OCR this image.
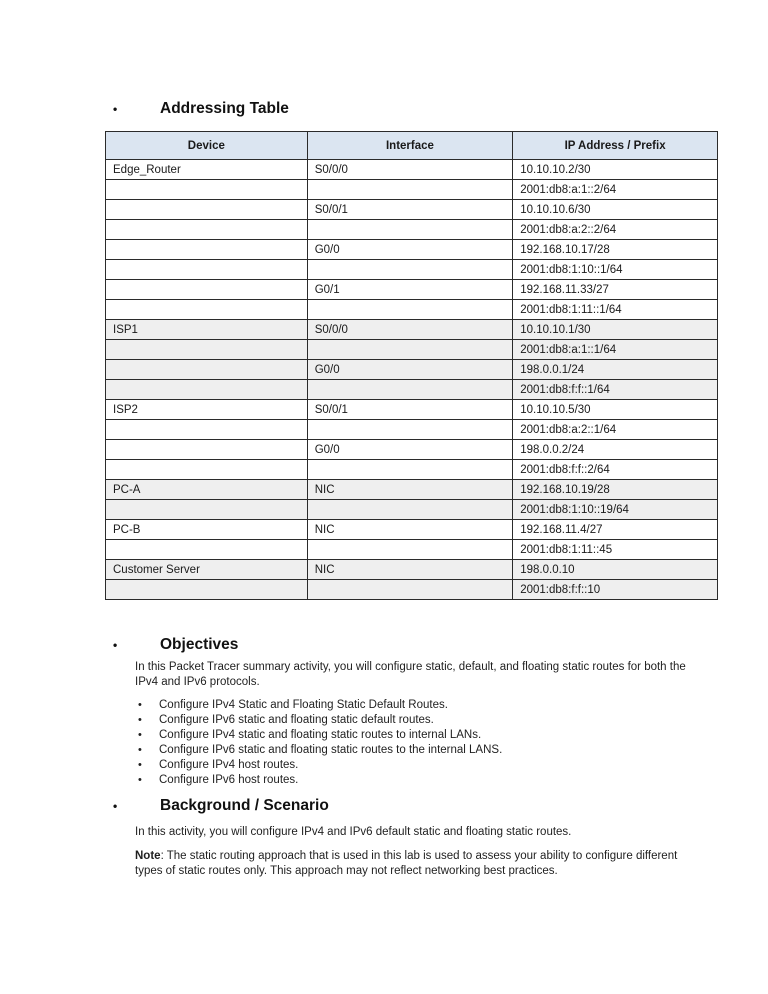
•	Addressing Table
Device	Interface	IP Address / Prefix
Edge_Router	S0/0/0	10.10.10.2/30
		2001:db8:a:1::2/64
	S0/0/1	10.10.10.6/30
		2001:db8:a:2::2/64
	G0/0	192.168.10.17/28
		2001:db8:1:10::1/64
	G0/1	192.168.11.33/27
		2001:db8:1:11::1/64
ISP1	S0/0/0	10.10.10.1/30
		2001:db8:a:1::1/64
	G0/0	198.0.0.1/24
		2001:db8:f:f::1/64
ISP2	S0/0/1	10.10.10.5/30
		2001:db8:a:2::1/64
	G0/0	198.0.0.2/24
		2001:db8:f:f::2/64
PC-A	NIC	192.168.10.19/28
		2001:db8:1:10::19/64
PC-B	NIC	192.168.11.4/27
		2001:db8:1:11::45
Customer Server	NIC	198.0.0.10
		2001:db8:f:f::10
•	Objectives

In this Packet Tracer summary activity, you will configure static, default, and floating static routes for both the IPv4 and IPv6 protocols.

• Configure IPv4 Static and Floating Static Default Routes.
• Configure IPv6 static and floating static default routes.
• Configure IPv4 static and floating static routes to internal LANs.
• Configure IPv6 static and floating static routes to the internal LANS.
• Configure IPv4 host routes.
• Configure IPv6 host routes.
•	Background / Scenario

In this activity, you will configure IPv4 and IPv6 default static and floating static routes.

Note: The static routing approach that is used in this lab is used to assess your ability to configure different types of static routes only. This approach may not reflect networking best practices.
